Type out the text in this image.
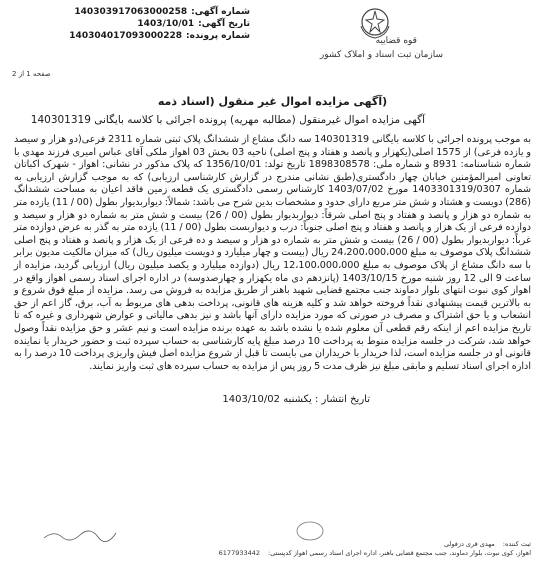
شماره آگهی:
140303917063000258
تاریخ آگهی:
1403/10/01
شماره پرونده:
140304017093000228	قوه قضاییه
سازمان ثبت اسناد و املاک کشور
صفحه 1 از 2
(آگهی مزایده اموال غیر منقول (اسناد ذمه
آگهی مزایده اموال غیرمنقول (مطالبه مهریه) پرونده اجرائی با کلاسه بایگانی 140301319
به موجب پرونده اجرائی با کلاسه بایگانی 140301319 سه دانگ مشاع از ششدانگ پلاک ثبتی شماره 2311 فرعی(دو هزار و سیصد و یازده فرعی) از 1575 اصلی(یکهزار و پانصد و هفتاد و پنج اصلی) ناحیه 03 بخش 03 اهواز ملکی آقای عباس امیری فرزند مهدی با شماره شناسنامه: 8931 و شماره ملی: 1898308578 تاریخ تولد: 1356/10/01 که پلاک مذکور در نشانی: اهواز - شهرک اکباتان تعاونی امیرالمؤمنین خیابان چهار دادگستری(طبق نشانی مندرج در گزارش کارشناسی ارزیابی) که به موجب گزارش ارزیابی به شماره 1403301319/0307 مورخ 1403/07/02 کارشناس رسمی دادگستری یک قطعه زمین فاقد اعیان به مساحت ششدانگ (286) دویست و هشتاد و شش متر مربع دارای حدود و مشخصات بدین شرح می باشد: شمالاً: دیواربدیوار بطول (00 / 11) یازده متر به شماره دو هزار و پانصد و هفتاد و پنج اصلی شرقاً: دیواربدیوار بطول (00 / 26) بیست و شش متر به شماره دو هزار و سیصد و دوازده فرعی از یک هزار و پانصد و هفتاد و پنج اصلی جنوباً: درب و دیواربست بطول (00 / 11) یازده متر به گذر به عرض دوازده متر غرباً: دیواربدیوار بطول (00 / 26) بیست و شش متر به شماره دو هزار و سیصد و ده فرعی از یک هزار و پانصد و هفتاد و پنج اصلی ششدانگ پلاک موصوف به مبلغ 24،200،000،000 ریال (بیست و چهار میلیارد و دویست میلیون ریال) که میزان مالکیت مدیون برابر با سه دانگ مشاع از پلاک موصوف به مبلغ 12،100،000،000 ریال (دوازده میلیارد و یکصد میلیون ریال) ارزیابی گردید، مزایده از ساعت 9 الی 12 روز شنبه مورخ 1403/10/15 (پانزدهم دی ماه یکهزار و چهارصدوسه) در اداره اجرای اسناد رسمی اهواز واقع در اهواز کوی نبوت انتهای بلوار دماوند جنب مجتمع قضایی شهید باهنر از طریق مزایده به فروش می رسد. مزایده از مبلغ فوق شروع و به بالاترین قیمت پیشنهادی نقداً فروخته خواهد شد و کلیه هزینه های قانونی، پرداخت بدهی های مربوط به آب، برق، گاز اعم از حق انشعاب و یا حق اشتراک و مصرف در صورتی که مورد مزایده دارای آنها باشد و نیز بدهی مالیاتی و عوارض شهرداری و غیره که تا تاریخ مزایده اعم از اینکه رقم قطعی آن معلوم شده یا نشده باشد به عهده برنده مزایده است و نیم عشر و حق مزایده نقداً وصول خواهد شد، شرکت در جلسه مزایده منوط به پرداخت 10 درصد مبلغ پایه کارشناسی به حساب سپرده ثبت و حضور خریدار یا نماینده قانونی او در جلسه مزایده است، لذا خریدار با خریداران می بایست تا قبل از شروع مزایده اصل فیش واریزی پرداخت 10 درصد را به اداره اجرای اسناد تسلیم و مابقی مبلغ نیز ظرف مدت 5 روز پس از مزایده به حساب سپرده های ثبت واریز نمایند.
تاریخ انتشار : یکشنبه 1403/10/02
ثبت کننده:
مهدی قری دزفولی
اهواز، کوی نبوت، بلوار دماوند، جنب مجتمع قضایی باهنر، اداره اجرای اسناد رسمی اهواز کدپستی:
6177933442
